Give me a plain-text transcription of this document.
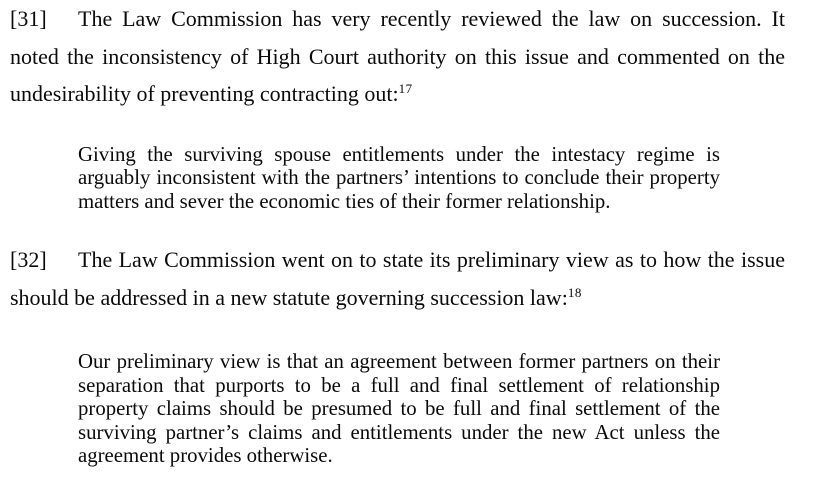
[31] The Law Commission has very recently reviewed the law on succession. It noted the inconsistency of High Court authority on this issue and commented on the undesirability of preventing contracting out:$^{17}$

Giving the surviving spouse entitlements under the intestacy regime is arguably inconsistent with the partners’ intentions to conclude their property matters and sever the economic ties of their former relationship.

[32] The Law Commission went on to state its preliminary view as to how the issue should be addressed in a new statute governing succession law:$^{18}$

Our preliminary view is that an agreement between former partners on their separation that purports to be a full and final settlement of relationship property claims should be presumed to be full and final settlement of the surviving partner’s claims and entitlements under the new Act unless the agreement provides otherwise.
